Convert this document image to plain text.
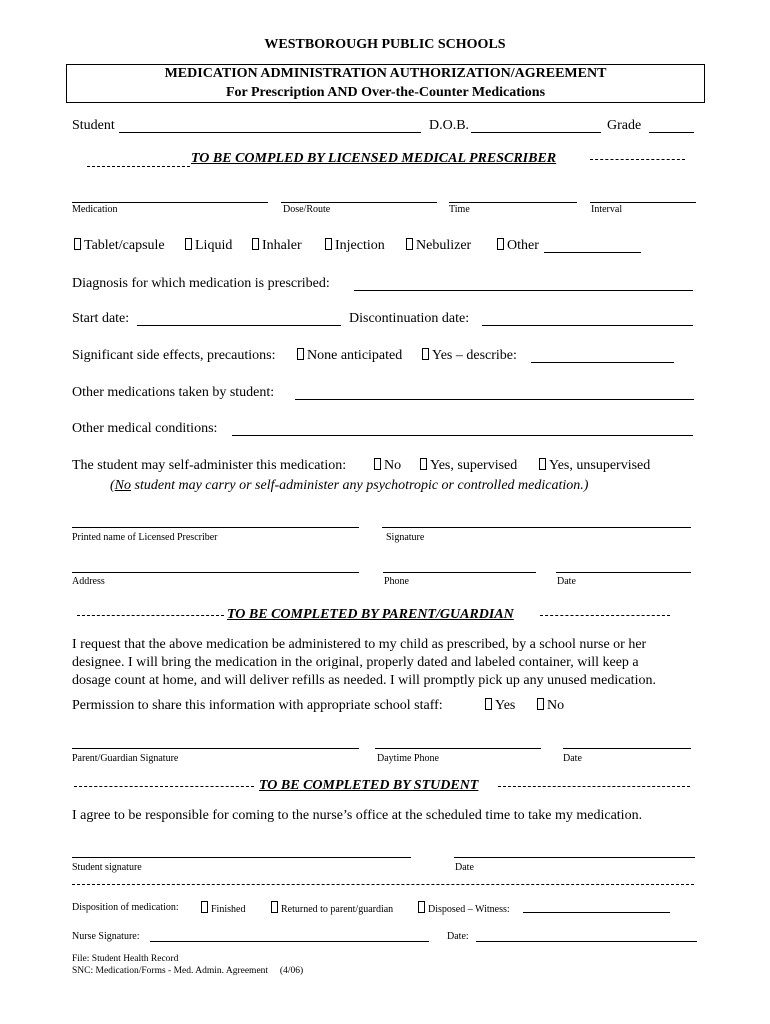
WESTBOROUGH PUBLIC SCHOOLS
MEDICATION ADMINISTRATION AUTHORIZATION/AGREEMENT
For Prescription AND Over-the-Counter Medications
Student	D.O.B.	Grade
TO BE COMPLED BY LICENSED MEDICAL PRESCRIBER
Medication	Dose/Route	Time	Interval
Tablet/capsule	Liquid	Inhaler	Injection	Nebulizer	Other
Diagnosis for which medication is prescribed:
Start date:	Discontinuation date:
Significant side effects, precautions:	None anticipated	Yes – describe:
Other medications taken by student:
Other medical conditions:
The student may self-administer this medication:	No	Yes, supervised	Yes, unsupervised
(No student may carry or self-administer any psychotropic or controlled medication.)
Printed name of Licensed Prescriber	Signature
Address	Phone	Date
TO BE COMPLETED BY PARENT/GUARDIAN
I request that the above medication be administered to my child as prescribed, by a school nurse or her
designee. I will bring the medication in the original, properly dated and labeled container, will keep a
dosage count at home, and will deliver refills as needed. I will promptly pick up any unused medication.
Permission to share this information with appropriate school staff:	Yes	No
Parent/Guardian Signature	Daytime Phone	Date
TO BE COMPLETED BY STUDENT
I agree to be responsible for coming to the nurse’s office at the scheduled time to take my medication.
Student signature	Date
Disposition of medication:	Finished	Returned to parent/guardian	Disposed – Witness:
Nurse Signature:	Date:
File: Student Health Record
SNC: Medication/Forms - Med. Admin. Agreement     (4/06)
